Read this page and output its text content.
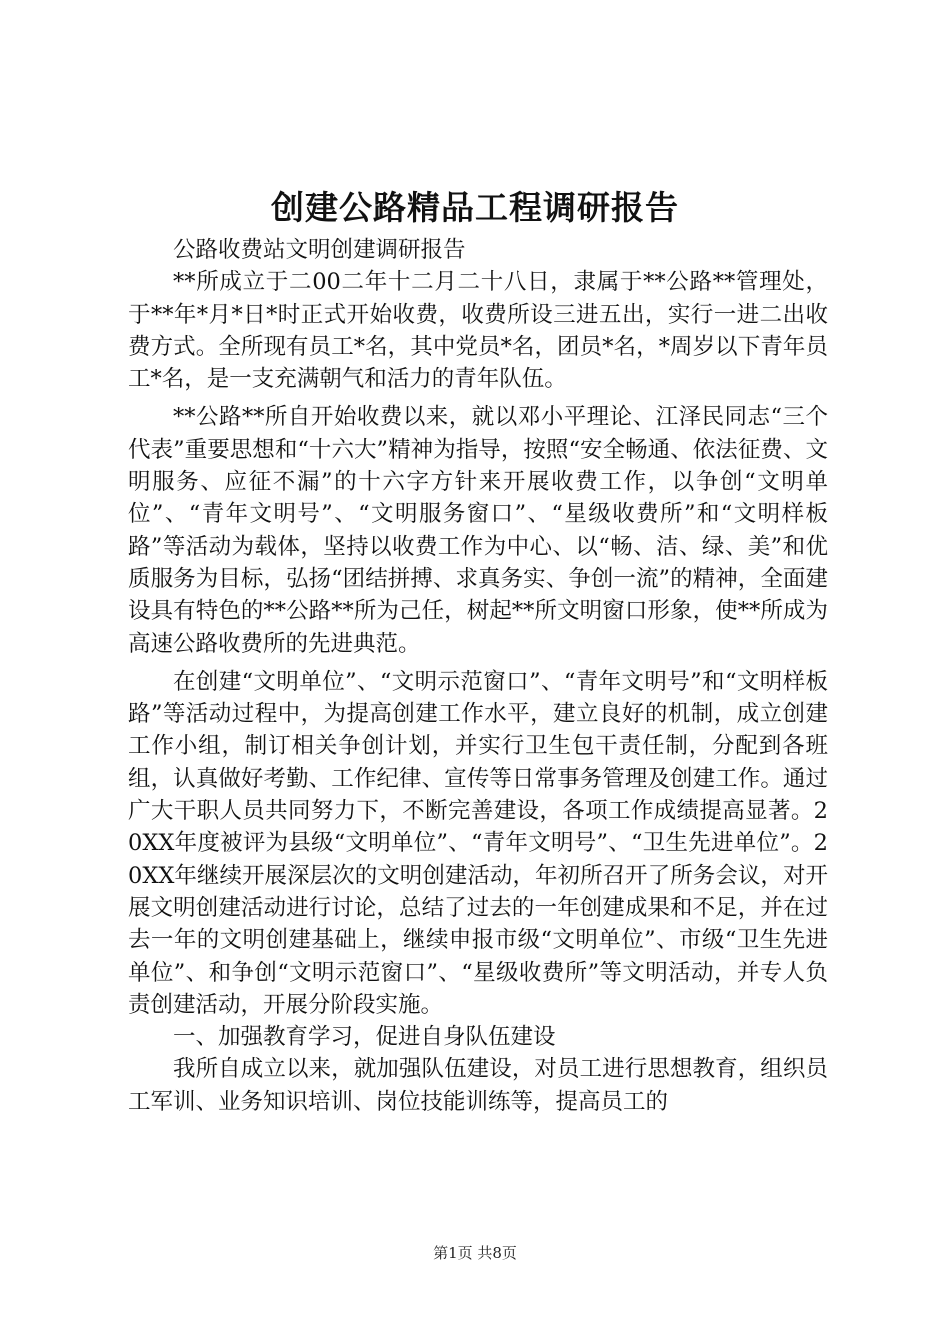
创建公路精品工程调研报告

公路收费站文明创建调研报告

**所成立于二00二年十二月二十八日，隶属于**公路**管理处，于**年*月*日*时正式开始收费，收费所设三进五出，实行一进二出收费方式。全所现有员工*名，其中党员*名，团员*名，*周岁以下青年员工*名，是一支充满朝气和活力的青年队伍。

**公路**所自开始收费以来，就以邓小平理论、江泽民同志“三个代表”重要思想和“十六大”精神为指导，按照“安全畅通、依法征费、文明服务、应征不漏”的十六字方针来开展收费工作，以争创“文明单位”、“青年文明号”、“文明服务窗口”、“星级收费所”和“文明样板路”等活动为载体，坚持以收费工作为中心、以“畅、洁、绿、美”和优质服务为目标，弘扬“团结拼搏、求真务实、争创一流”的精神，全面建设具有特色的**公路**所为己任，树起**所文明窗口形象，使**所成为高速公路收费所的先进典范。

在创建“文明单位”、“文明示范窗口”、“青年文明号”和“文明样板路”等活动过程中，为提高创建工作水平，建立良好的机制，成立创建工作小组，制订相关争创计划，并实行卫生包干责任制，分配到各班组，认真做好考勤、工作纪律、宣传等日常事务管理及创建工作。通过广大干职人员共同努力下，不断完善建设，各项工作成绩提高显著。20XX年度被评为县级“文明单位”、“青年文明号”、“卫生先进单位”。20XX年继续开展深层次的文明创建活动，年初所召开了所务会议，对开展文明创建活动进行讨论，总结了过去的一年创建成果和不足，并在过去一年的文明创建基础上，继续申报市级“文明单位”、市级“卫生先进单位”、和争创“文明示范窗口”、“星级收费所”等文明活动，并专人负责创建活动，开展分阶段实施。

一、加强教育学习，促进自身队伍建设

我所自成立以来，就加强队伍建设，对员工进行思想教育，组织员工军训、业务知识培训、岗位技能训练等，提高员工的

第1页 共8页
